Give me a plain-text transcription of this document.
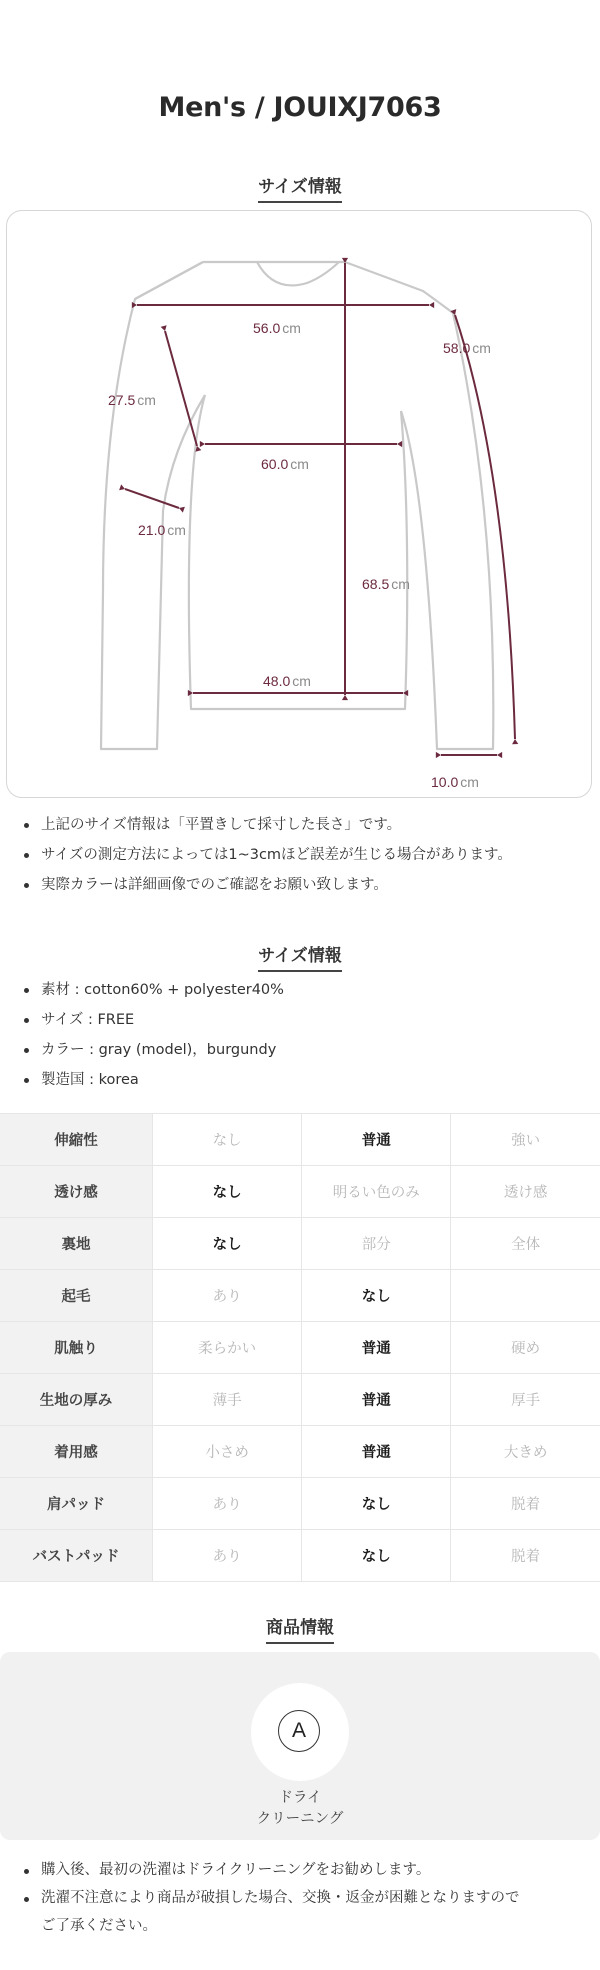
Men's / JOUIXJ7063
サイズ情報
56.0 cm
68.5 cm
58.0 cm
27.5 cm
60.0 cm
21.0 cm
48.0 cm
10.0 cm
上記のサイズ情報は「平置きして採寸した長さ」です。
サイズの測定方法によっては1~3cmほど誤差が生じる場合があります。
実際カラーは詳細画像でのご確認をお願い致します。
サイズ情報
素材 : cotton60% + polyester40%
サイズ : FREE
カラー : gray (model)，burgundy
製造国 : korea
伸縮性	なし	普通	強い
透け感	なし	明るい色のみ	透け感
裏地	なし	部分	全体
起毛	あり	なし	
肌触り	柔らかい	普通	硬め
生地の厚み	薄手	普通	厚手
着用感	小さめ	普通	大きめ
肩パッド	あり	なし	脱着
バストパッド	あり	なし	脱着
商品情報
A
ドライ
クリーニング
購入後、最初の洗濯はドライクリーニングをお勧めします。
洗濯不注意により商品が破損した場合、交換・返金が困難となりますので
ご了承ください。
